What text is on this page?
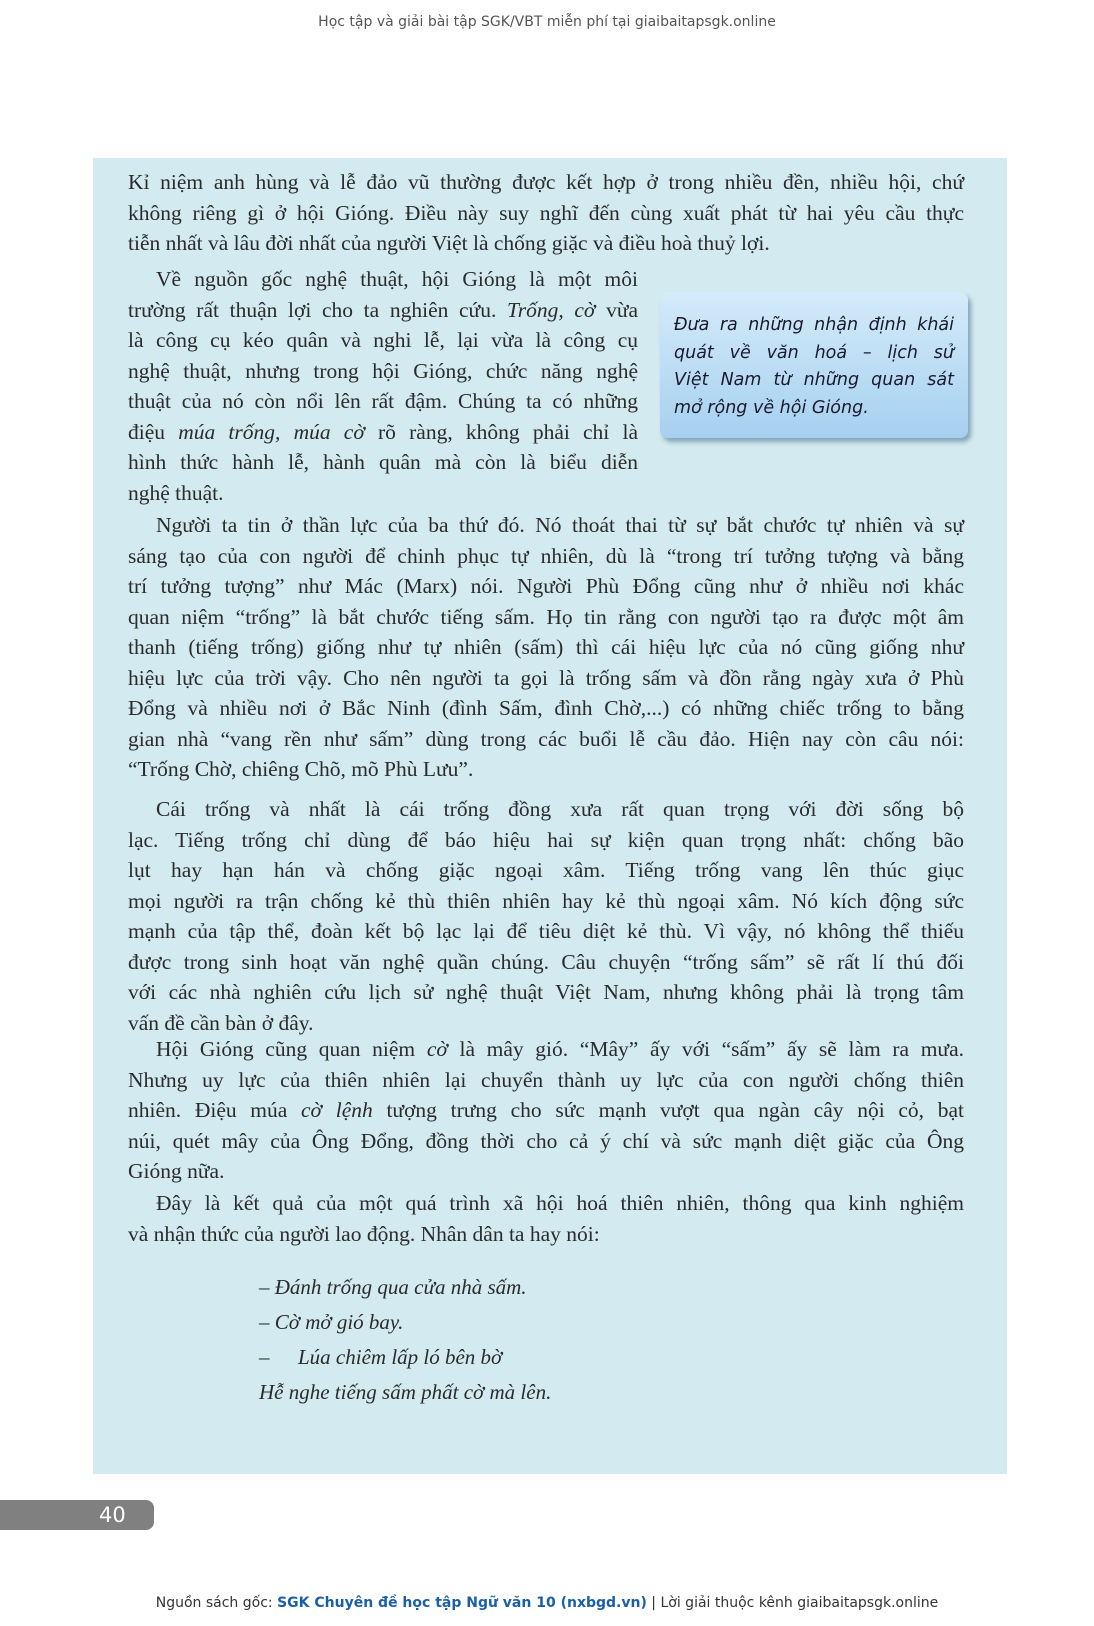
Học tập và giải bài tập SGK/VBT miễn phí tại giaibaitapsgk.online
Kỉ niệm anh hùng và lễ đảo vũ thường được kết hợp ở trong nhiều đền, nhiều hội, chứ
không riêng gì ở hội Gióng. Điều này suy nghĩ đến cùng xuất phát từ hai yêu cầu thực
tiễn nhất và lâu đời nhất của người Việt là chống giặc và điều hoà thuỷ lợi.
Về nguồn gốc nghệ thuật, hội Gióng là một môi
trường rất thuận lợi cho ta nghiên cứu. Trống, cờ vừa
là công cụ kéo quân và nghi lễ, lại vừa là công cụ
nghệ thuật, nhưng trong hội Gióng, chức năng nghệ
thuật của nó còn nổi lên rất đậm. Chúng ta có những
điệu múa trống, múa cờ rõ ràng, không phải chỉ là
hình thức hành lễ, hành quân mà còn là biểu diễn
nghệ thuật.
Người ta tin ở thần lực của ba thứ đó. Nó thoát thai từ sự bắt chước tự nhiên và sự
sáng tạo của con người để chinh phục tự nhiên, dù là “trong trí tưởng tượng và bằng
trí tưởng tượng” như Mác (Marx) nói. Người Phù Đổng cũng như ở nhiều nơi khác
quan niệm “trống” là bắt chước tiếng sấm. Họ tin rằng con người tạo ra được một âm
thanh (tiếng trống) giống như tự nhiên (sấm) thì cái hiệu lực của nó cũng giống như
hiệu lực của trời vậy. Cho nên người ta gọi là trống sấm và đồn rằng ngày xưa ở Phù
Đổng và nhiều nơi ở Bắc Ninh (đình Sấm, đình Chờ,...) có những chiếc trống to bằng
gian nhà “vang rền như sấm” dùng trong các buổi lễ cầu đảo. Hiện nay còn câu nói:
“Trống Chờ, chiêng Chõ, mõ Phù Lưu”.
Cái trống và nhất là cái trống đồng xưa rất quan trọng với đời sống bộ
lạc. Tiếng trống chỉ dùng để báo hiệu hai sự kiện quan trọng nhất: chống bão
lụt hay hạn hán và chống giặc ngoại xâm. Tiếng trống vang lên thúc giục
mọi người ra trận chống kẻ thù thiên nhiên hay kẻ thù ngoại xâm. Nó kích động sức
mạnh của tập thể, đoàn kết bộ lạc lại để tiêu diệt kẻ thù. Vì vậy, nó không thể thiếu
được trong sinh hoạt văn nghệ quần chúng. Câu chuyện “trống sấm” sẽ rất lí thú đối
với các nhà nghiên cứu lịch sử nghệ thuật Việt Nam, nhưng không phải là trọng tâm
vấn đề cần bàn ở đây.
Hội Gióng cũng quan niệm cờ là mây gió. “Mây” ấy với “sấm” ấy sẽ làm ra mưa.
Nhưng uy lực của thiên nhiên lại chuyển thành uy lực của con người chống thiên
nhiên. Điệu múa cờ lệnh tượng trưng cho sức mạnh vượt qua ngàn cây nội cỏ, bạt
núi, quét mây của Ông Đổng, đồng thời cho cả ý chí và sức mạnh diệt giặc của Ông
Gióng nữa.
Đây là kết quả của một quá trình xã hội hoá thiên nhiên, thông qua kinh nghiệm
và nhận thức của người lao động. Nhân dân ta hay nói:
Đưa ra những nhận định khái
quát về văn hoá – lịch sử
Việt Nam từ những quan sát
mở rộng về hội Gióng.
– Đánh trống qua cửa nhà sấm.
– Cờ mở gió bay.
– Lúa chiêm lấp ló bên bờ
Hễ nghe tiếng sấm phất cờ mà lên.
40
Nguồn sách gốc: SGK Chuyên đề học tập Ngữ văn 10 (nxbgd.vn) | Lời giải thuộc kênh giaibaitapsgk.online
